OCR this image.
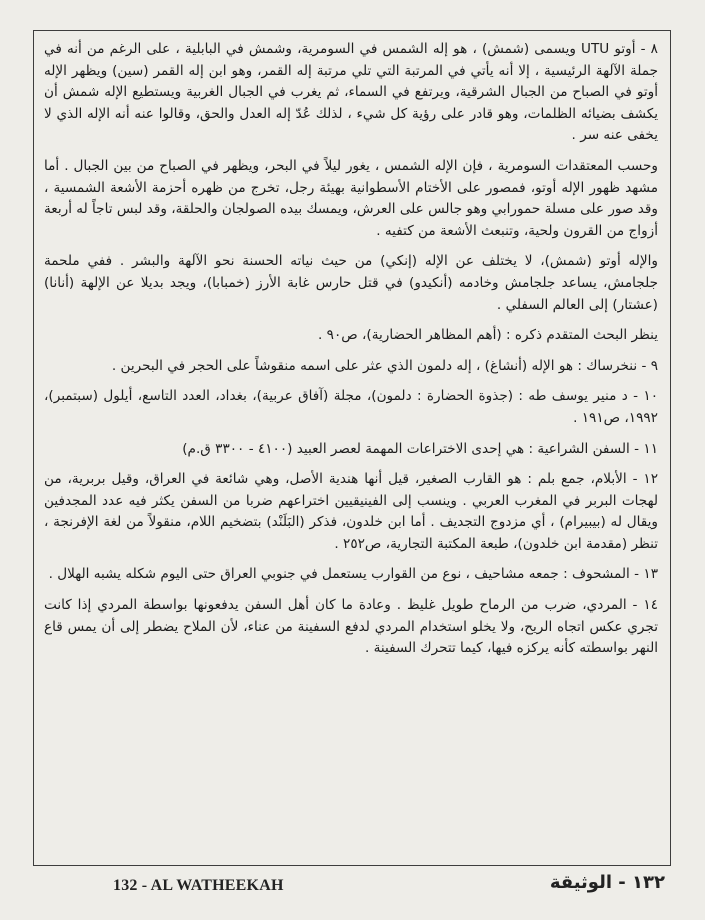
٨ - أوتو UTU ويسمى (شمش) ، هو إله الشمس في السومرية، وشمش في البابلية ، على الرغم من أنه في جملة الآلهة الرئيسية ، إلا أنه يأتي في المرتبة التي تلي مرتبة إله القمر، وهو ابن إله القمر (سين) ويظهر الإله أوتو في الصباح من الجبال الشرقية، ويرتفع في السماء، ثم يغرب في الجبال الغربية ويستطيع الإله شمش أن يكشف بضيائه الظلمات، وهو قادر على رؤية كل شيء ، لذلك عُدّ إله العدل والحق، وقالوا عنه أنه الإله الذي لا يخفى عنه سر .

وحسب المعتقدات السومرية ، فإن الإله الشمس ، يغور ليلاً في البحر، ويظهر في الصباح من بين الجبال . أما مشهد ظهور الإله أوتو، فمصور على الأختام الأسطوانية بهيئة رجل، تخرج من ظهره أحزمة الأشعة الشمسية ، وقد صور على مسلة حمورابي وهو جالس على العرش، ويمسك بيده الصولجان والحلقة، وقد لبس تاجاً له أربعة أزواج من القرون ولحية، وتنبعث الأشعة من كتفيه .

والإله أوتو (شمش)، لا يختلف عن الإله (إنكي) من حيث نياته الحسنة نحو الآلهة والبشر . ففي ملحمة جلجامش، يساعد جلجامش وخادمه (أنكيدو) في قتل حارس غابة الأرز (خمبابا)، ويجد بديلا عن الإلهة (أنانا) (عشتار) إلى العالم السفلي .

ينظر البحث المتقدم ذكره : (أهم المظاهر الحضارية)، ص٩٠ .

٩ - ننخرساك : هو الإله (أنشاغ) ، إله دلمون الذي عثر على اسمه منقوشاً على الحجر في البحرين .

١٠ - د منير يوسف طه : (جذوة الحضارة : دلمون)، مجلة (آفاق عربية)، بغداد، العدد التاسع، أيلول (سبتمبر)، ١٩٩٢، ص١٩١ .

١١ - السفن الشراعية : هي إحدى الاختراعات المهمة لعصر العبيد (٤١٠٠ - ٣٣٠٠ ق.م)

١٢ - الأبلام، جمع بلم : هو القارب الصغير، قيل أنها هندية الأصل، وهي شائعة في العراق، وقيل بربرية، من لهجات البربر في المغرب العربي . وينسب إلى الفينيقيين اختراعهم ضربا من السفن يكثر فيه عدد المجدفين ويقال له (بيبيرام) ، أي مزدوج التجديف . أما ابن خلدون، فذكر (البَلَنْد) بتضخيم اللام، منقولاً من لغة الإفرنجة ، تنظر (مقدمة ابن خلدون)، طبعة المكتبة التجارية، ص٢٥٢ .

١٣ - المشحوف : جمعه مشاحيف ، نوع من القوارب يستعمل في جنوبي العراق حتى اليوم شكله يشبه الهلال .

١٤ - المردي، ضرب من الرماح طويل غليظ . وعادة ما كان أهل السفن يدفعونها بواسطة المردي إذا كانت تجري عكس اتجاه الريح، ولا يخلو استخدام المردي لدفع السفينة من عناء، لأن الملاح يضطر إلى أن يمس قاع النهر بواسطته كأنه يركزه فيها، كيما تتحرك السفينة .

132 - AL WATHEEKAH	١٣٢ - الوثيقة
